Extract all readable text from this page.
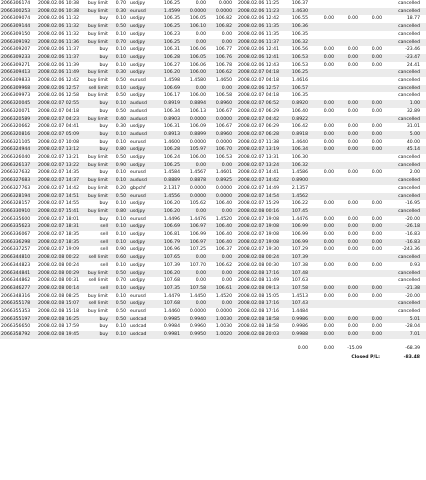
2066306174	2008.02.06 10:38	buy limit	0.70 usdjpy	106.25	0.00	0.000 2008.02.06 11:25	106.37	cancelled
2066300253	2008.02.06 10:38	buy limit	0.30 eurusd	1.4599	0.0000	0.0000 2008.02.06 11:23	1.4630	cancelled
2066309074	2008.02.06 11:32	buy	0.10 usdjpy	106.35	106.05	106.82 2008.02.06 12:42	106.55	0.00	0.00	0.00	18.77
2066309144	2008.02.06 11:32	buy limit	0.50 usdjpy	106.25	106.10	106.82 2008.02.06 11:35	106.36	cancelled
2066309150	2008.02.06 11:32	buy limit	0.10 usdjpy	106.23	0.00	0.00 2008.02.06 11:35	106.35	cancelled
2066309192	2008.02.06 11:36	buy limit	0.70 usdjpy	106.25	0.00	0.00 2008.02.06 11:37	106.32	cancelled
2066309207	2008.02.06 11:37	buy	0.10 usdjpy	106.31	106.06	106.77 2008.02.06 12:41	106.56	0.00	0.00	0.00	-23.46
2066309233	2008.02.06 11:37	buy	0.10 usdjpy	106.28	106.05	106.76 2008.02.06 12:41	106.53	0.00	0.00	0.00	-23.47
2066309271	2008.02.06 11:39	buy	0.10 usdjpy	106.27	106.06	106.78 2008.02.06 12:43	106.53	0.00	0.00	0.00	24.41
2066309413	2008.02.06 11:49	buy limit	0.30 usdjpy	106.20	106.00	106.62 2008.02.07 04:18	106.25	cancelled
2066309833	2008.02.06 12:42	buy limit	0.50 eurusd	1.4598	1.4580	1.4650 2008.02.07 04:18	1.4616	cancelled
2066309968	2008.02.06 12:57	sell limit	0.10 usdjpy	106.69	0.00	0.00 2008.02.06 12:57	106.57	cancelled
2066309973	2008.02.06 12:58	buy limit	0.50 usdjpy	106.17	106.00	106.58 2008.02.07 04:18	106.35	cancelled
2066320045	2008.02.07 02:55	buy	0.10 audusd	0.8919	0.8894	0.8960 2008.02.07 06:52	0.8920	0.00	0.00	0.00	1.00
2066320071	2008.02.07 04:18	buy	0.50 audusd	106.34	106.13	106.67 2008.02.07 06:29	106.40	0.00	0.00	0.00	32.89
2066320589	2008.02.07 04:23	buy limit	0.40 audusd	0.8903	0.0000	0.0000 2008.02.07 04:42	0.8922	cancelled
2066320662	2008.02.07 04:41	buy	0.30 usdjpy	106.31	106.09	106.67 2008.02.07 06:29	106.42	0.00	0.00	0.00	31.01
2066320816	2008.02.07 05:09	buy	0.10 audusd	0.8913	0.8899	0.8960 2008.02.07 06:28	0.8918	0.00	0.00	0.00	5.00
2066321105	2008.02.07 10:08	buy	0.10 eurusd	1.4600	0.0000	0.0000 2008.02.07 11:38	1.4640	0.00	0.00	0.00	40.00
2066324944	2008.02.07 13:12	buy	0.80 usdjpy	106.28	105.97	106.70 2008.02.07 13:19	106.34	0.00	0.00	0.00	45.14
2066326040	2008.02.07 13:21	buy limit	0.50 usdjpy	106.24	106.00	106.53 2008.02.07 13:31	106.30	cancelled
2066326137	2008.02.07 13:22	buy limit	0.90 usdjpy	106.25	0.00	0.00 2008.02.07 13:24	106.32	cancelled
2066327632	2008.02.07 14:35	buy	0.10 eurusd	1.4584	1.4567	1.4601 2008.02.07 14:41	1.4586	0.00	0.00	0.00	2.00
2066327683	2008.02.07 14:37	buy limit	0.10 audusd	0.8889	0.8878	0.8925 2008.02.07 14:42	0.8900	cancelled
2066327763	2008.02.07 14:42	buy limit	0.20 gbpchf	2.1317	0.0000	0.0000 2008.02.07 14:49	2.1357	cancelled
2066328194	2008.02.07 14:51	buy limit	0.50 eurusd	1.4556	0.0000	0.0000 2008.02.07 14:54	1.4562	cancelled
2066328157	2008.02.07 14:55	buy	0.10 usdjpy	106.20	105.62	106.40 2008.02.07 15:29	106.22	0.00	0.00	0.00	-16.95
2066330910	2008.02.07 15:41	buy limit	0.80 usdjpy	106.20	0.00	0.00 2008.02.08 00:16	107.45	cancelled
2066335600	2008.02.07 18:01	buy	0.10 eurusd	1.4496	1.4476	1.4520 2008.02.07 19:08	1.4476	0.00	0.00	0.00	-20.00
2066335623	2008.02.07 18:31	sell	0.10 usdjpy	106.69	106.97	106.40 2008.02.07 19:08	106.99	0.00	0.00	0.00	-26.18
2066336067	2008.02.07 18:35	sell	0.10 usdjpy	106.81	106.99	106.40 2008.02.07 19:08	106.99	0.00	0.00	0.00	-16.83
2066336298	2008.02.07 18:35	sell	0.10 usdjpy	106.79	106.97	106.40 2008.02.07 19:08	106.99	0.00	0.00	0.00	-16.83
2066337257	2008.02.07 19:09	sell	0.90 usdjpy	106.96	107.25	106.37 2008.02.07 19:30	107.29	0.00	0.00	0.00	-243.36
2066344810	2008.02.08 00:22	sell limit	0.60 usdjpy	107.65	0.00	0.00 2008.02.08 00:24	107.39	cancelled
2066344823	2008.02.08 00:24	sell	0.10 usdjpy	107.39	107.70	106.62 2008.02.08 00:30	107.38	0.00	0.00	0.00	0.93
2066344841	2008.02.08 00:29	buy limit	0.50 usdjpy	106.20	0.00	0.00 2008.02.08 17:16	107.48	cancelled
2066344862	2008.02.08 00:31	sell limit	0.70 usdjpy	107.68	0.00	0.00 2008.02.08 11:49	107.63	cancelled
2066346277	2008.02.08 00:14	sell	0.10 usdjpy	107.35	107.58	106.61 2008.02.08 09:13	107.58	0.00	0.00	0.00	-21.38
2066348316	2008.02.08 08:25	buy limit	0.10 eurusd	1.4479	1.4450	1.4520 2008.02.08 15:05	1.4513	0.00	0.00	0.00	-20.00
2066355178	2008.02.08 15:07	sell limit	0.50 usdjpy	107.68	0.00	0.00 2008.02.08 17:16	107.43	cancelled
2066355353	2008.02.08 15:18	buy limit	0.50 eurusd	1.4460	0.0000	0.0000 2008.02.08 17:16	1.4484	cancelled
2066355197	2008.02.08 16:25	buy	0.50 usdcad	0.9985	0.9940	1.0030 2008.02.08 18:58	0.9986	0.00	0.00	0.00	5.01
2066356650	2008.02.08 17:59	buy	0.10 usdcad	0.9984	0.9960	1.0030 2008.02.08 18:58	0.9986	0.00	0.00	0.00	-28.04
2066358792	2008.02.08 19:45	buy	0.10 usdcad	0.9981	0.9950	1.0020 2008.02.08 20:03	0.9988	0.00	0.00	0.00	7.01
0.00	0.00	-15.09	-68.39
Closed P/L:	-83.48
